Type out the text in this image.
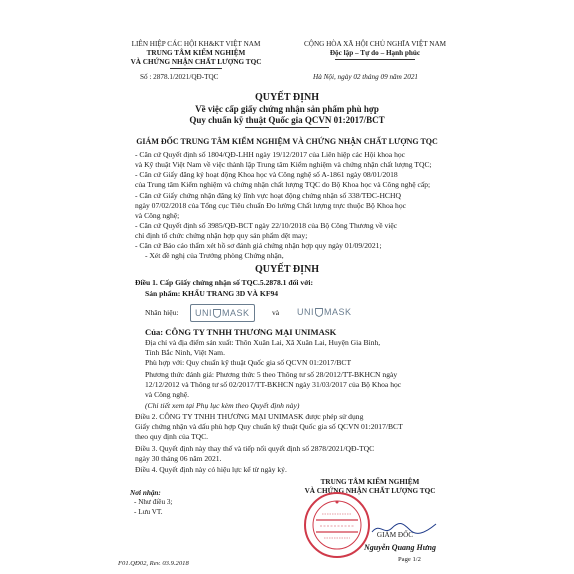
LIÊN HIỆP CÁC HỘI KH&KT VIỆT NAM
TRUNG TÂM KIỂM NGHIỆM
VÀ CHỨNG NHẬN CHẤT LƯỢNG TQC
Số : 2878.1/2021/QĐ-TQC
CỘNG HÒA XÃ HỘI CHỦ NGHĨA VIỆT NAM
Độc lập – Tự do – Hạnh phúc
Hà Nội, ngày 02 tháng 09 năm 2021
QUYẾT ĐỊNH
Về việc cấp giấy chứng nhận sản phẩm phù hợp
Quy chuẩn kỹ thuật Quốc gia QCVN 01:2017/BCT
GIÁM ĐỐC TRUNG TÂM KIỂM NGHIỆM VÀ CHỨNG NHẬN CHẤT LƯỢNG TQC
- Căn cứ Quyết định số 1804/QĐ-LHH ngày 19/12/2017 của Liên hiệp các Hội khoa học
và Kỹ thuật Việt Nam về việc thành lập Trung tâm Kiểm nghiệm và chứng nhận chất lượng TQC;
- Căn cứ Giấy đăng ký hoạt động Khoa học và Công nghệ số A-1861 ngày 08/01/2018
của Trung tâm Kiểm nghiệm và chứng nhận chất lượng TQC do Bộ Khoa học và Công nghệ cấp;
- Căn cứ Giấy chứng nhận đăng ký lĩnh vực hoạt động chứng nhận số 338/TĐC-HCHQ
ngày 07/02/2018 của Tổng cục Tiêu chuẩn Đo lường Chất lượng trực thuộc Bộ Khoa học
và Công nghệ;
- Căn cứ Quyết định số 3985/QĐ-BCT ngày 22/10/2018 của Bộ Công Thương về việc
chỉ định tổ chức chứng nhận hợp quy sản phẩm dệt may;
- Căn cứ Báo cáo thẩm xét hồ sơ đánh giá chứng nhận hợp quy ngày 01/09/2021;
- Xét đề nghị của Trưởng phòng Chứng nhận,
QUYẾT ĐỊNH
Điều 1. Cấp Giấy chứng nhận số TQC.5.2878.1 đối với:
Sản phẩm: KHẨU TRANG 3D VÀ KF94
Nhãn hiệu: UNI MASK	và UNI MASK
Của: CÔNG TY TNHH THƯƠNG MẠI UNIMASK
Địa chỉ và địa điểm sản xuất: Thôn Xuân Lai, Xã Xuân Lai, Huyện Gia Bình,
Tỉnh Bắc Ninh, Việt Nam.
Phù hợp với: Quy chuẩn kỹ thuật Quốc gia số QCVN 01:2017/BCT
Phương thức đánh giá: Phương thức 5 theo Thông tư số 28/2012/TT-BKHCN ngày
12/12/2012 và Thông tư số 02/2017/TT-BKHCN ngày 31/03/2017 của Bộ Khoa học
và Công nghệ.
(Chi tiết xem tại Phụ lục kèm theo Quyết định này)
Điều 2. CÔNG TY TNHH THƯƠNG MẠI UNIMASK được phép sử dụng
Giấy chứng nhận và dấu phù hợp Quy chuẩn kỹ thuật Quốc gia số QCVN 01:2017/BCT
theo quy định của TQC.
Điều 3. Quyết định này thay thế và tiếp nối quyết định số 2878/2021/QĐ-TQC
ngày 30 tháng 06 năm 2021.
Điều 4. Quyết định này có hiệu lực kể từ ngày ký.
Nơi nhận:
- Như điều 3;
- Lưu VT.
TRUNG TÂM KIỂM NGHIỆM
VÀ CHỨNG NHẬN CHẤT LƯỢNG TQC
GIÁM ĐỐC
Nguyễn Quang Hưng
F01.QĐ02, Rev. 03.9.2018
Page 1/2
